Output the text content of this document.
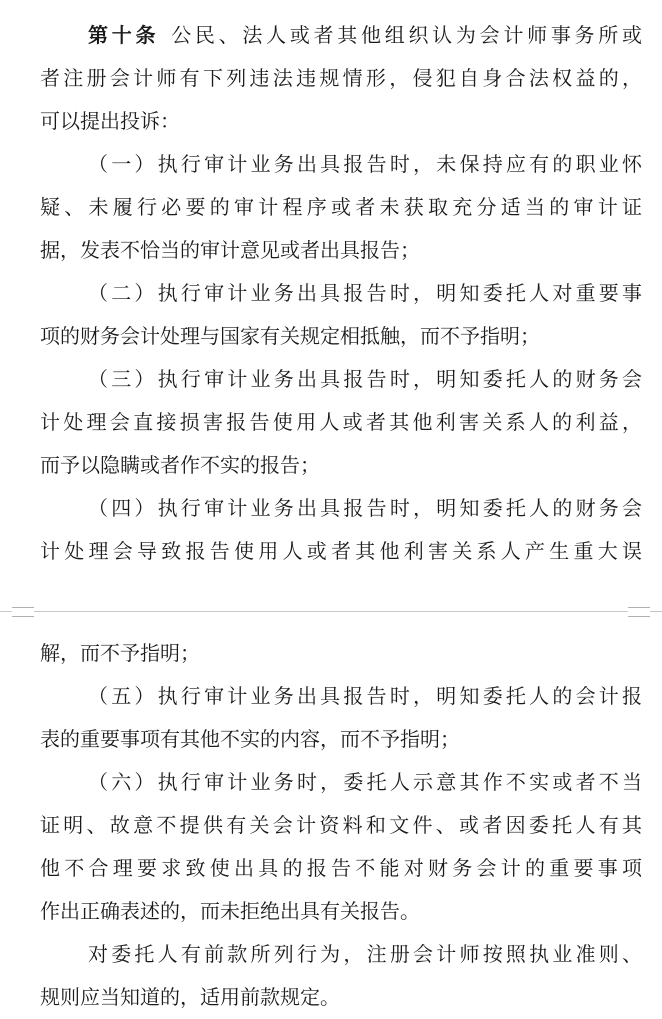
第十条 公民、法人或者其他组织认为会计师事务所或
者注册会计师有下列违法违规情形，侵犯自身合法权益的，
可以提出投诉：
（一）执行审计业务出具报告时，未保持应有的职业怀
疑、未履行必要的审计程序或者未获取充分适当的审计证
据，发表不恰当的审计意见或者出具报告；
（二）执行审计业务出具报告时，明知委托人对重要事
项的财务会计处理与国家有关规定相抵触，而不予指明；
（三）执行审计业务出具报告时，明知委托人的财务会
计处理会直接损害报告使用人或者其他利害关系人的利益，
而予以隐瞒或者作不实的报告；
（四）执行审计业务出具报告时，明知委托人的财务会
计处理会导致报告使用人或者其他利害关系人产生重大误
解，而不予指明；
（五）执行审计业务出具报告时，明知委托人的会计报
表的重要事项有其他不实的内容，而不予指明；
（六）执行审计业务时，委托人示意其作不实或者不当
证明、故意不提供有关会计资料和文件、或者因委托人有其
他不合理要求致使出具的报告不能对财务会计的重要事项
作出正确表述的，而未拒绝出具有关报告。
对委托人有前款所列行为，注册会计师按照执业准则、
规则应当知道的，适用前款规定。
